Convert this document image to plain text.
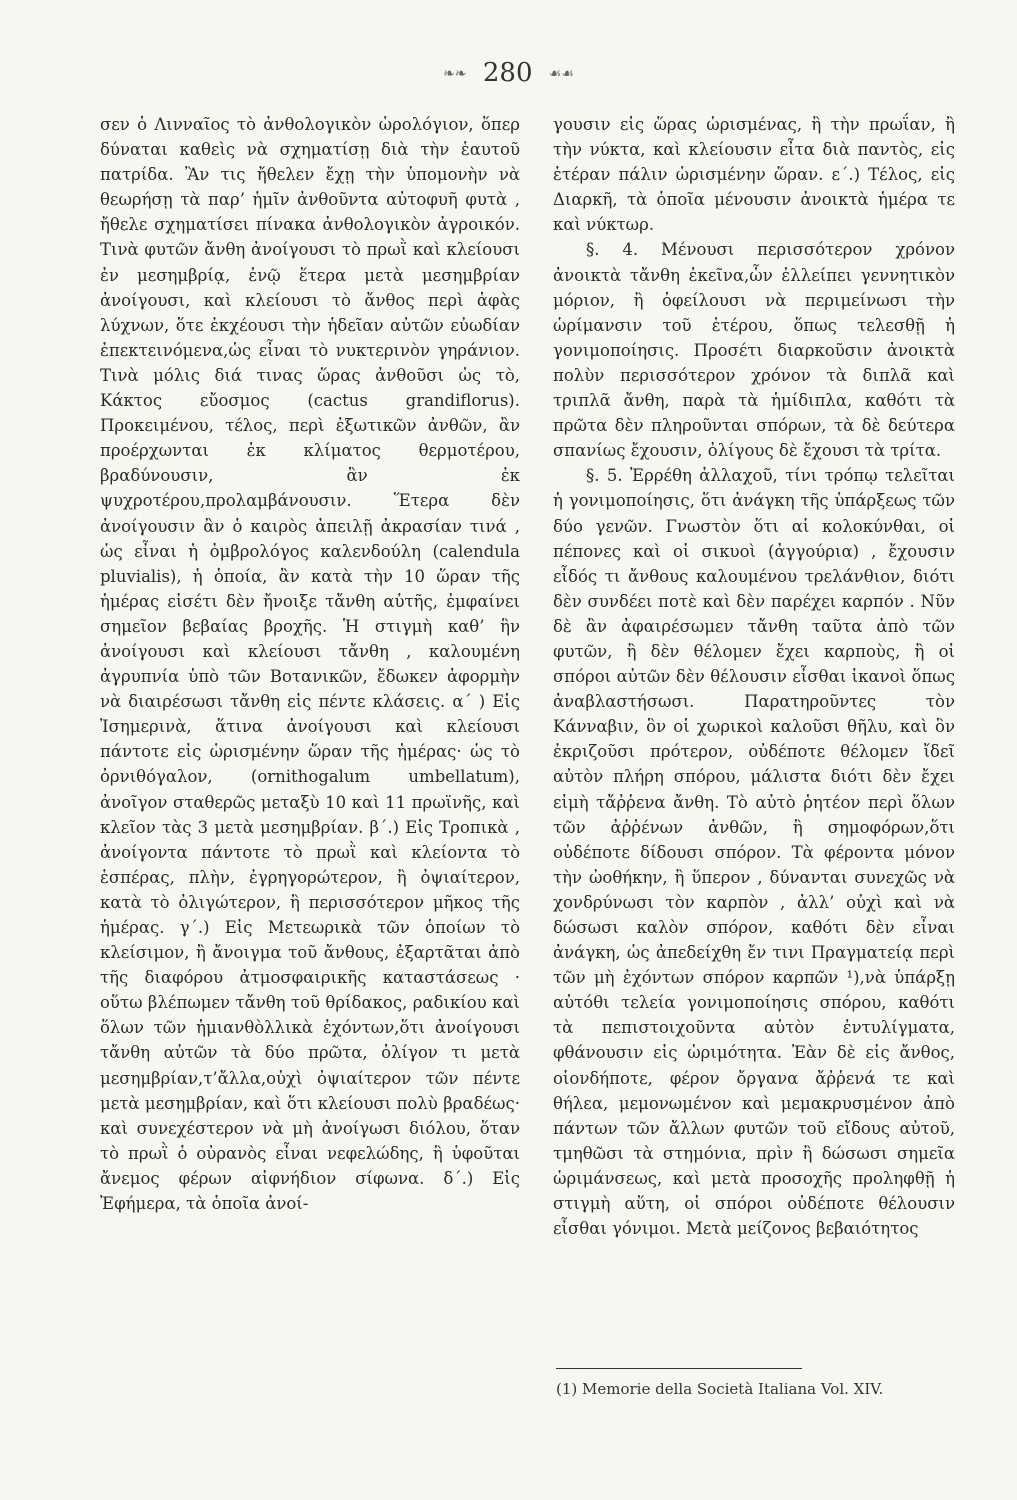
❧❧ 280 ☙☙

σεν ὁ Λινναῖος τὸ ἀνθολογικὸν ὡρολόγιον, ὅπερ δύναται καθεὶς νὰ σχηματίσῃ διὰ τὴν ἑαυτοῦ πατρίδα. Ἂν τις ἤθελεν ἔχῃ τὴν ὑπομονὴν νὰ θεωρήσῃ τὰ παρ’ ἡμῖν ἀνθοῦντα αὐτοφυῆ φυτὰ , ἤθελε σχηματίσει πίνακα ἀνθολογικὸν ἀγροικόν. Τινὰ φυτῶν ἄνθη ἀνοίγουσι τὸ πρωῒ καὶ κλείουσι ἐν μεσημβρίᾳ, ἐνῷ ἕτερα μετὰ μεσημβρίαν ἀνοίγουσι, καὶ κλείουσι τὸ ἄνθος περὶ ἁφὰς λύχνων, ὅτε ἐκχέουσι τὴν ἡδεῖαν αὐτῶν εὐωδίαν ἐπεκτεινόμενα,ὡς εἶναι τὸ νυκτερινὸν γηράνιον. Τινὰ μόλις διά τινας ὥρας ἀνθοῦσι ὡς τὸ, Κάκτος εὔοσμος (cactus grandiflorus). Προκειμένου, τέλος, περὶ ἐξωτικῶν ἀνθῶν, ἂν προέρχωνται ἐκ κλίματος θερμοτέρου, βραδύνουσιν, ἂν ἐκ ψυχροτέρου,προλαμβάνουσιν. Ἕτερα δὲν ἀνοίγουσιν ἂν ὁ καιρὸς ἀπειλῇ ἀκρασίαν τινά , ὡς εἶναι ἡ ὀμβρολόγος καλενδούλη (calendula pluvialis), ἡ ὁποία, ἂν κατὰ τὴν 10 ὥραν τῆς ἡμέρας εἰσέτι δὲν ἤνοιξε τἄνθη αὐτῆς, ἐμφαίνει σημεῖον βεβαίας βροχῆς. Ἡ στιγμὴ καθ’ ἣν ἀνοίγουσι καὶ κλείουσι τἄνθη , καλουμένη ἀγρυπνία ὑπὸ τῶν Βοτανικῶν, ἔδωκεν ἀφορμὴν νὰ διαιρέσωσι τἄνθη εἰς πέντε κλάσεις. α΄ ) Εἰς Ἰσημερινὰ, ἅτινα ἀνοίγουσι καὶ κλείουσι πάντοτε εἰς ὡρισμένην ὥραν τῆς ἡμέρας· ὡς τὸ ὀρνιθόγαλον, (ornithogalum umbellatum), ἀνοῖγον σταθερῶς μεταξὺ 10 καὶ 11 πρωϊνῆς, καὶ κλεῖον τὰς 3 μετὰ μεσημβρίαν. β΄.) Εἰς Τροπικὰ , ἀνοίγοντα πάντοτε τὸ πρωῒ καὶ κλείοντα τὸ ἑσπέρας, πλὴν, ἐγρηγορώτερον, ἢ ὀψιαίτερον, κατὰ τὸ ὀλιγώτερον, ἢ περισσότερον μῆκος τῆς ἡμέρας. γ΄.) Εἰς Μετεωρικὰ τῶν ὁποίων τὸ κλείσιμον, ἢ ἄνοιγμα τοῦ ἄνθους, ἐξαρτᾶται ἀπὸ τῆς διαφόρου ἀτμοσφαιρικῆς καταστάσεως · οὕτω βλέπωμεν τἄνθη τοῦ θρίδακος, ραδικίου καὶ ὅλων τῶν ἡμιανθὸλλικὰ ἐχόντων,ὅτι ἀνοίγουσι τἄνθη αὐτῶν τὰ δύο πρῶτα, ὀλίγον τι μετὰ μεσημβρίαν,τ’ἄλλα,οὐχὶ ὀψιαίτερον τῶν πέντε μετὰ μεσημβρίαν, καὶ ὅτι κλείουσι πολὺ βραδέως· καὶ συνεχέστερον νὰ μὴ ἀνοίγωσι διόλου, ὅταν τὸ πρωῒ ὁ οὐρανὸς εἶναι νεφελώδης, ἢ ὑφοῦται ἄνεμος φέρων αἰφνήδιον σίφωνα. δ΄.) Εἰς Ἐφήμερα, τὰ ὁποῖα ἀνοί-

γουσιν εἰς ὥρας ὡρισμένας, ἢ τὴν πρωΐαν, ἢ τὴν νύκτα, καὶ κλείουσιν εἶτα διὰ παντὸς, εἰς ἑτέραν πάλιν ὡρισμένην ὥραν. ε΄.) Τέλος, εἰς Διαρκῆ, τὰ ὁποῖα μένουσιν ἀνοικτὰ ἡμέρα τε καὶ νύκτωρ.

§. 4. Μένουσι περισσότερον χρόνον ἀνοικτὰ τἄνθη ἐκεῖνα,ὧν ἐλλείπει γεννητικὸν μόριον, ἢ ὀφείλουσι νὰ περιμείνωσι τὴν ὡρίμανσιν τοῦ ἑτέρου, ὅπως τελεσθῇ ἡ γονιμοποίησις. Προσέτι διαρκοῦσιν ἀνοικτὰ πολὺν περισσότερον χρόνον τὰ διπλᾶ καὶ τριπλᾶ ἄνθη, παρὰ τὰ ἡμίδιπλα, καθότι τὰ πρῶτα δὲν πληροῦνται σπόρων, τὰ δὲ δεύτερα σπανίως ἔχουσιν, ὀλίγους δὲ ἔχουσι τὰ τρίτα.

§. 5. Ἐρρέθη ἀλλαχοῦ, τίνι τρόπῳ τελεῖται ἡ γονιμοποίησις, ὅτι ἀνάγκη τῆς ὑπάρξεως τῶν δύο γενῶν. Γνωστὸν ὅτι αἱ κολοκύνθαι, οἱ πέπονες καὶ οἱ σικυοὶ (ἀγγούρια) , ἔχουσιν εἶδός τι ἄνθους καλουμένου τρελάνθιον, διότι δὲν συνδέει ποτὲ καὶ δὲν παρέχει καρπόν . Νῦν δὲ ἂν ἀφαιρέσωμεν τἄνθη ταῦτα ἀπὸ τῶν φυτῶν, ἢ δὲν θέλομεν ἔχει καρποὺς, ἢ οἱ σπόροι αὐτῶν δὲν θέλουσιν εἶσθαι ἱκανοὶ ὅπως ἀναβλαστήσωσι. Παρατηροῦντες τὸν Κάνναβιν, ὃν οἱ χωρικοὶ καλοῦσι θῆλυ, καὶ ὃν ἐκριζοῦσι πρότερον, οὐδέποτε θέλομεν ἴδεῖ αὐτὸν πλήρη σπόρου, μάλιστα διότι δὲν ἔχει εἰμὴ τἄῤῥενα ἄνθη. Τὸ αὐτὸ ῥητέον περὶ ὅλων τῶν ἀῤῥένων ἀνθῶν, ἢ σημοφόρων,ὅτι οὐδέποτε δίδουσι σπόρον. Τὰ φέροντα μόνον τὴν ὠοθήκην, ἢ ὕπερον , δύνανται συνεχῶς νὰ χονδρύνωσι τὸν καρπὸν , ἀλλ’ οὐχὶ καὶ νὰ δώσωσι καλὸν σπόρον, καθότι δὲν εἶναι ἀνάγκη, ὡς ἀπεδείχθη ἔν τινι Πραγματείᾳ περὶ τῶν μὴ ἐχόντων σπόρον καρπῶν ¹),νὰ ὑπάρξῃ αὐτόθι τελεία γονιμοποίησις σπόρου, καθότι τὰ πεπιστοιχοῦντα αὐτὸν ἐντυλίγματα, φθάνουσιν εἰς ὡριμότητα. Ἐὰν δὲ εἰς ἄνθος, οἱονδήποτε, φέρον ὄργανα ἄῤῥενά τε καὶ θήλεα, μεμονωμένον καὶ μεμακρυσμένον ἀπὸ πάντων τῶν ἄλλων φυτῶν τοῦ εἴδους αὐτοῦ, τμηθῶσι τὰ στημόνια, πρὶν ἢ δώσωσι σημεῖα ὡριμάνσεως, καὶ μετὰ προσοχῆς προληφθῇ ἡ στιγμὴ αὕτη, οἱ σπόροι οὐδέποτε θέλουσιν εἶσθαι γόνιμοι. Μετὰ μείζονος βεβαιότητος

(1) Memorie della Società Italiana Vol. XIV.
